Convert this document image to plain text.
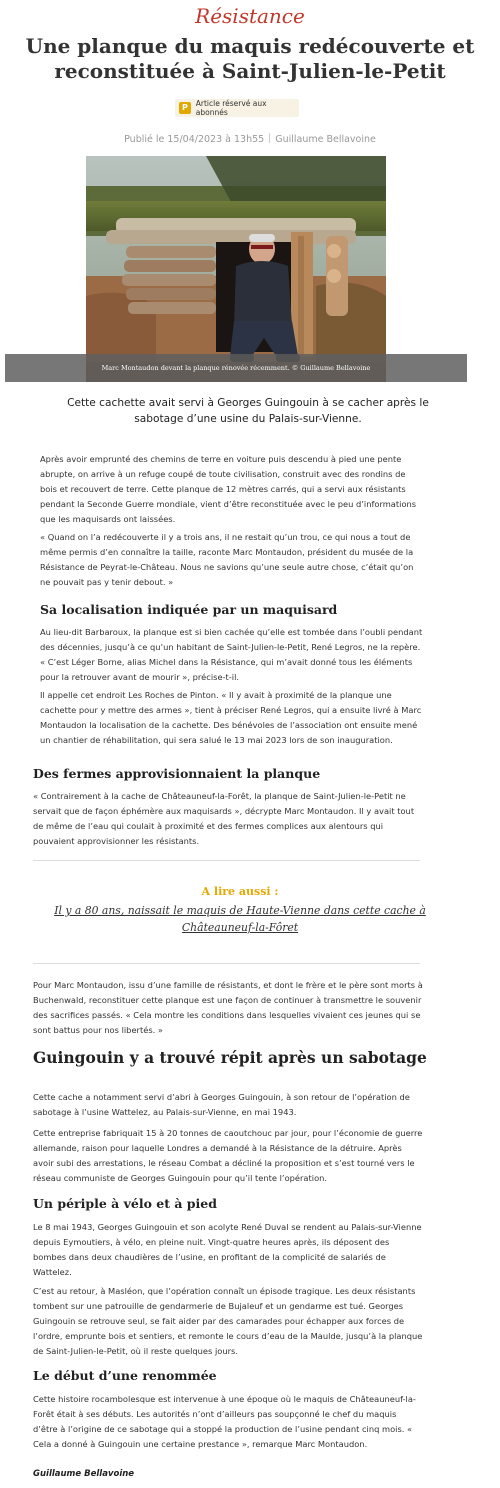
Résistance
Une planque du maquis redécouverte et reconstituée à Saint-Julien-le-Petit
P	Article réservé aux abonnés
Publié le 15/04/2023 à 13h55 Guillaume Bellavoine
Marc Montaudon devant la planque rénovée récemment. © Guillaume Bellavoine

Cette cachette avait servi à Georges Guingouin à se cacher après le sabotage d’une usine du Palais-sur-Vienne.

Après avoir emprunté des chemins de terre en voiture puis descendu à pied une pente abrupte, on arrive à un refuge coupé de toute civilisation, construit avec des rondins de bois et recouvert de terre. Cette planque de 12 mètres carrés, qui a servi aux résistants pendant la Seconde Guerre mondiale, vient d’être reconstituée avec le peu d’informations que les maquisards ont laissées.

« Quand on l’a redécouverte il y a trois ans, il ne restait qu’un trou, ce qui nous a tout de même permis d’en connaître la taille, raconte Marc Montaudon, président du musée de la Résistance de Peyrat-le-Château. Nous ne savions qu’une seule autre chose, c’était qu’on ne pouvait pas y tenir debout. »

Sa localisation indiquée par un maquisard

Au lieu-dit Barbaroux, la planque est si bien cachée qu’elle est tombée dans l’oubli pendant des décennies, jusqu’à ce qu’un habitant de Saint-Julien-le-Petit, René Legros, ne la repère. « C’est Léger Borne, alias Michel dans la Résistance, qui m’avait donné tous les éléments pour la retrouver avant de mourir », précise-t-il.

Il appelle cet endroit Les Roches de Pinton. « Il y avait à proximité de la planque une cachette pour y mettre des armes », tient à préciser René Legros, qui a ensuite livré à Marc Montaudon la localisation de la cachette. Des bénévoles de l’association ont ensuite mené un chantier de réhabilitation, qui sera salué le 13 mai 2023 lors de son inauguration.

Des fermes approvisionnaient la planque

« Contrairement à la cache de Châteauneuf-la-Forêt, la planque de Saint-Julien-le-Petit ne servait que de façon éphémère aux maquisards », décrypte Marc Montaudon. Il y avait tout de même de l’eau qui coulait à proximité et des fermes complices aux alentours qui pouvaient approvisionner les résistants.

A lire aussi :
Il y a 80 ans, naissait le maquis de Haute-Vienne dans cette cache à Châteauneuf-la-Fôret

Pour Marc Montaudon, issu d’une famille de résistants, et dont le frère et le père sont morts à Buchenwald, reconstituer cette planque est une façon de continuer à transmettre le souvenir des sacrifices passés. « Cela montre les conditions dans lesquelles vivaient ces jeunes qui se sont battus pour nos libertés. »

Guingouin y a trouvé répit après un sabotage

Cette cache a notamment servi d’abri à Georges Guingouin, à son retour de l’opération de sabotage à l’usine Wattelez, au Palais-sur-Vienne, en mai 1943.

Cette entreprise fabriquait 15 à 20 tonnes de caoutchouc par jour, pour l’économie de guerre allemande, raison pour laquelle Londres a demandé à la Résistance de la détruire. Après avoir subi des arrestations, le réseau Combat a décliné la proposition et s’est tourné vers le réseau communiste de Georges Guingouin pour qu’il tente l’opération.

Un périple à vélo et à pied

Le 8 mai 1943, Georges Guingouin et son acolyte René Duval se rendent au Palais-sur-Vienne depuis Eymoutiers, à vélo, en pleine nuit. Vingt-quatre heures après, ils déposent des bombes dans deux chaudières de l’usine, en profitant de la complicité de salariés de Wattelez.

C’est au retour, à Masléon, que l’opération connaît un épisode tragique. Les deux résistants tombent sur une patrouille de gendarmerie de Bujaleuf et un gendarme est tué. Georges Guingouin se retrouve seul, se fait aider par des camarades pour échapper aux forces de l’ordre, emprunte bois et sentiers, et remonte le cours d’eau de la Maulde, jusqu’à la planque de Saint-Julien-le-Petit, où il reste quelques jours.

Le début d’une renommée

Cette histoire rocambolesque est intervenue à une époque où le maquis de Châteauneuf-la-Forêt était à ses débuts. Les autorités n’ont d’ailleurs pas soupçonné le chef du maquis d’être à l’origine de ce sabotage qui a stoppé la production de l’usine pendant cinq mois. « Cela a donné à Guingouin une certaine prestance », remarque Marc Montaudon.

Guillaume Bellavoine
